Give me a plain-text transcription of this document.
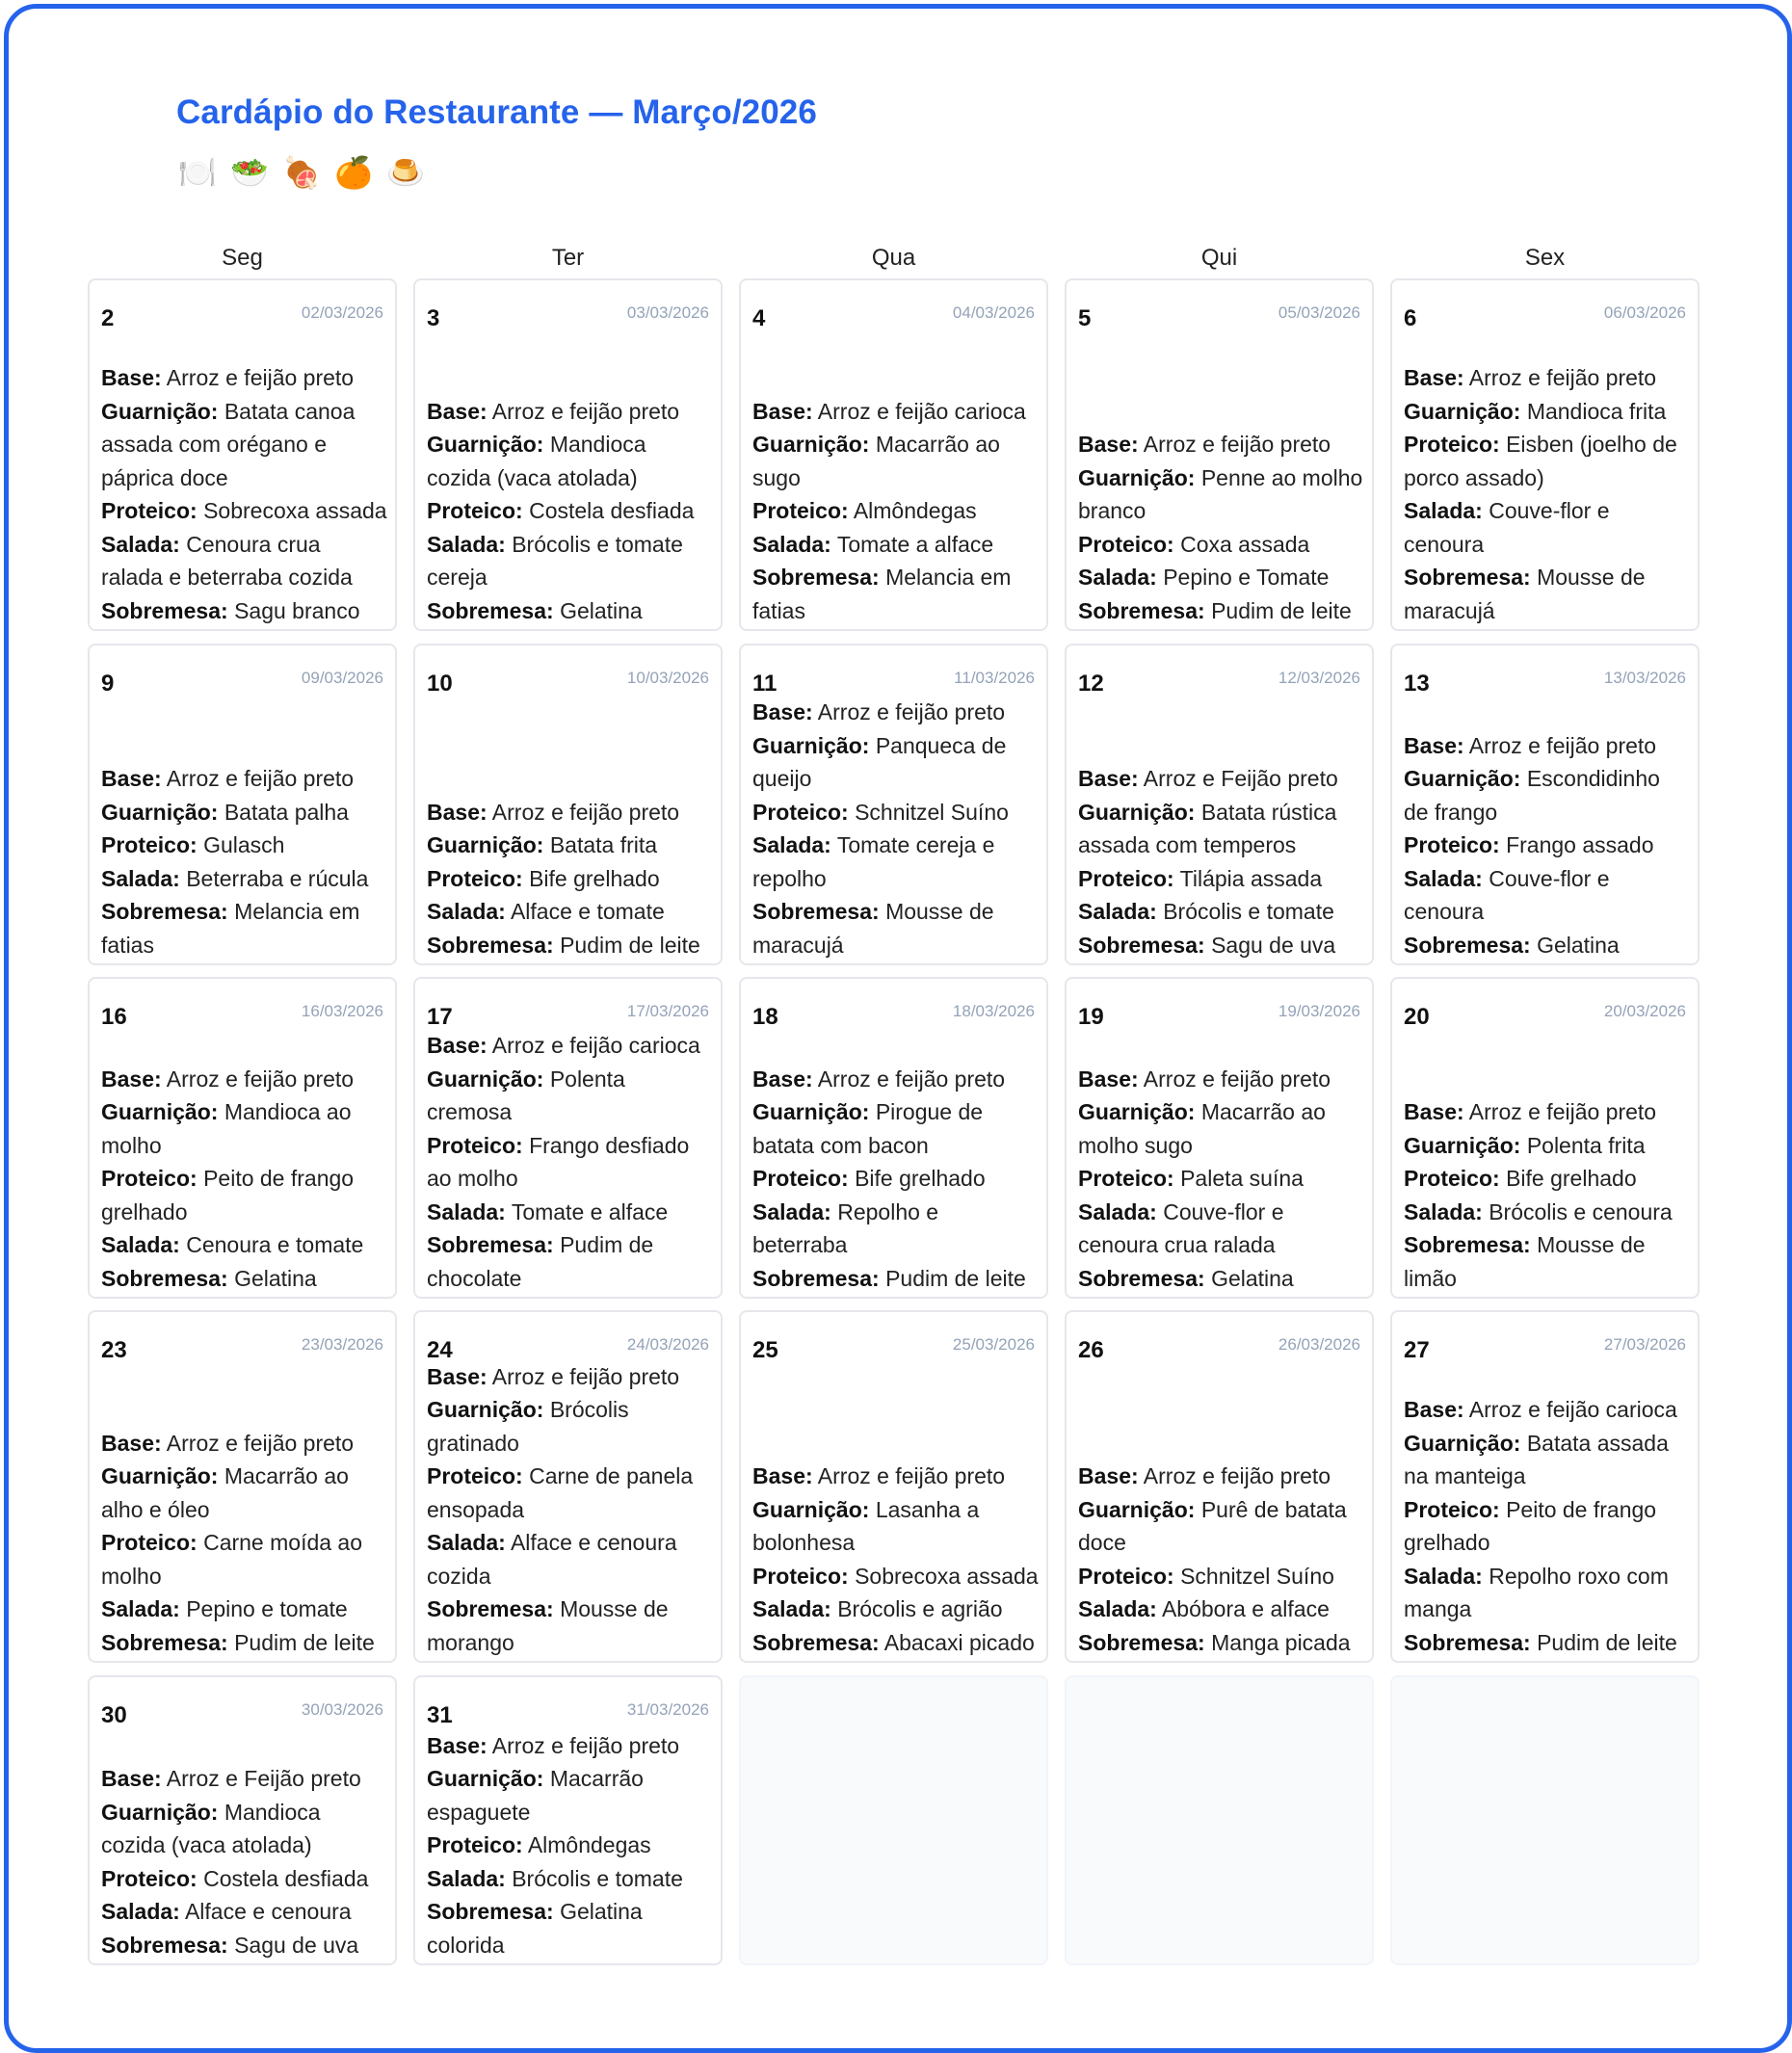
Cardápio do Restaurante — Março/2026
🍽️ 🥗 🍖 🍊 🍮
Seg	Ter	Qua	Qui	Sex
2	02/03/2026
Base: Arroz e feijão preto
Guarnição: Batata canoa assada com orégano e páprica doce
Proteico: Sobrecoxa assada
Salada: Cenoura crua ralada e beterraba cozida
Sobremesa: Sagu branco
3	03/03/2026
Base: Arroz e feijão preto
Guarnição: Mandioca cozida (vaca atolada)
Proteico: Costela desfiada
Salada: Brócolis e tomate cereja
Sobremesa: Gelatina
4	04/03/2026
Base: Arroz e feijão carioca
Guarnição: Macarrão ao sugo
Proteico: Almôndegas
Salada: Tomate a alface
Sobremesa: Melancia em fatias
5	05/03/2026
Base: Arroz e feijão preto
Guarnição: Penne ao molho branco
Proteico: Coxa assada
Salada: Pepino e Tomate
Sobremesa: Pudim de leite
6	06/03/2026
Base: Arroz e feijão preto
Guarnição: Mandioca frita
Proteico: Eisben (joelho de porco assado)
Salada: Couve-flor e cenoura
Sobremesa: Mousse de maracujá
9	09/03/2026
Base: Arroz e feijão preto
Guarnição: Batata palha
Proteico: Gulasch
Salada: Beterraba e rúcula
Sobremesa: Melancia em fatias
10	10/03/2026
Base: Arroz e feijão preto
Guarnição: Batata frita
Proteico: Bife grelhado
Salada: Alface e tomate
Sobremesa: Pudim de leite
11	11/03/2026
Base: Arroz e feijão preto
Guarnição: Panqueca de queijo
Proteico: Schnitzel Suíno
Salada: Tomate cereja e repolho
Sobremesa: Mousse de maracujá
12	12/03/2026
Base: Arroz e Feijão preto
Guarnição: Batata rústica assada com temperos
Proteico: Tilápia assada
Salada: Brócolis e tomate
Sobremesa: Sagu de uva
13	13/03/2026
Base: Arroz e feijão preto
Guarnição: Escondidinho de frango
Proteico: Frango assado
Salada: Couve-flor e cenoura
Sobremesa: Gelatina
16	16/03/2026
Base: Arroz e feijão preto
Guarnição: Mandioca ao molho
Proteico: Peito de frango grelhado
Salada: Cenoura e tomate
Sobremesa: Gelatina
17	17/03/2026
Base: Arroz e feijão carioca
Guarnição: Polenta cremosa
Proteico: Frango desfiado ao molho
Salada: Tomate e alface
Sobremesa: Pudim de chocolate
18	18/03/2026
Base: Arroz e feijão preto
Guarnição: Pirogue de batata com bacon
Proteico: Bife grelhado
Salada: Repolho e beterraba
Sobremesa: Pudim de leite
19	19/03/2026
Base: Arroz e feijão preto
Guarnição: Macarrão ao molho sugo
Proteico: Paleta suína
Salada: Couve-flor e cenoura crua ralada
Sobremesa: Gelatina
20	20/03/2026
Base: Arroz e feijão preto
Guarnição: Polenta frita
Proteico: Bife grelhado
Salada: Brócolis e cenoura
Sobremesa: Mousse de limão
23	23/03/2026
Base: Arroz e feijão preto
Guarnição: Macarrão ao alho e óleo
Proteico: Carne moída ao molho
Salada: Pepino e tomate
Sobremesa: Pudim de leite
24	24/03/2026
Base: Arroz e feijão preto
Guarnição: Brócolis gratinado
Proteico: Carne de panela ensopada
Salada: Alface e cenoura cozida
Sobremesa: Mousse de morango
25	25/03/2026
Base: Arroz e feijão preto
Guarnição: Lasanha a bolonhesa
Proteico: Sobrecoxa assada
Salada: Brócolis e agrião
Sobremesa: Abacaxi picado
26	26/03/2026
Base: Arroz e feijão preto
Guarnição: Purê de batata doce
Proteico: Schnitzel Suíno
Salada: Abóbora e alface
Sobremesa: Manga picada
27	27/03/2026
Base: Arroz e feijão carioca
Guarnição: Batata assada na manteiga
Proteico: Peito de frango grelhado
Salada: Repolho roxo com manga
Sobremesa: Pudim de leite
30	30/03/2026
Base: Arroz e Feijão preto
Guarnição: Mandioca cozida (vaca atolada)
Proteico: Costela desfiada
Salada: Alface e cenoura
Sobremesa: Sagu de uva
31	31/03/2026
Base: Arroz e feijão preto
Guarnição: Macarrão espaguete
Proteico: Almôndegas
Salada: Brócolis e tomate
Sobremesa: Gelatina colorida
